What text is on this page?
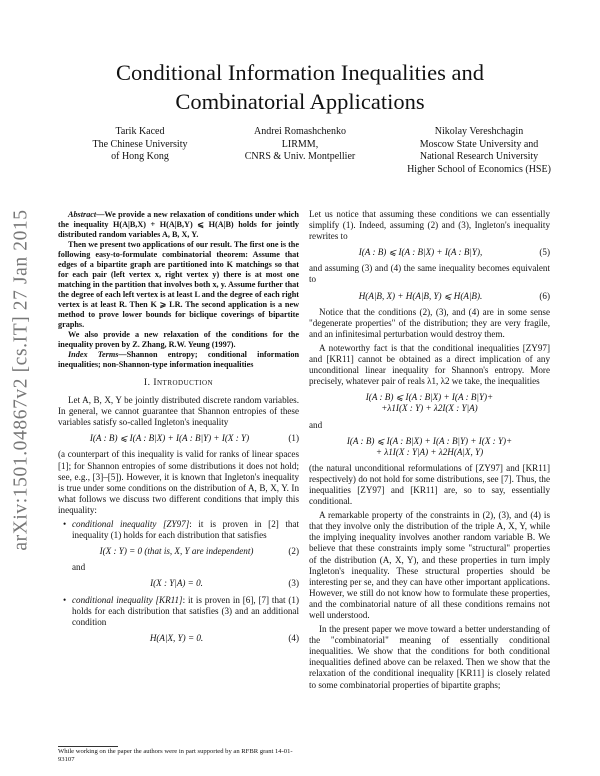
arXiv:1501.04867v2 [cs.IT] 27 Jan 2015
Conditional Information Inequalities and
Combinatorial Applications
Tarik Kaced
The Chinese University
of Hong Kong
Andrei Romashchenko
LIRMM,
CNRS & Univ. Montpellier
Nikolay Vereshchagin
Moscow State University and
National Research University
Higher School of Economics (HSE)

Abstract—We provide a new relaxation of conditions under which the inequality H(A|B,X) + H(A|B,Y) ⩽ H(A|B) holds for jointly distributed random variables A, B, X, Y.

Then we present two applications of our result. The first one is the following easy-to-formulate combinatorial theorem: Assume that edges of a bipartite graph are partitioned into K matchings so that for each pair (left vertex x, right vertex y) there is at most one matching in the partition that involves both x, y. Assume further that the degree of each left vertex is at least L and the degree of each right vertex is at least R. Then K ⩾ LR. The second application is a new method to prove lower bounds for biclique coverings of bipartite graphs.

We also provide a new relaxation of the conditions for the inequality proven by Z. Zhang, R.W. Yeung (1997).

Index Terms—Shannon entropy; conditional information inequalities; non-Shannon-type information inequalities

I. Introduction

Let A, B, X, Y be jointly distributed discrete random variables. In general, we cannot guarantee that Shannon entropies of these variables satisfy so-called Ingleton's inequality

I(A : B) ⩽ I(A : B|X) + I(A : B|Y) + I(X : Y)	(1)

(a counterpart of this inequality is valid for ranks of linear spaces [1]; for Shannon entropies of some distributions it does not hold; see, e.g., [3]–[5]). However, it is known that Ingleton's inequality is true under some conditions on the distribution of A, B, X, Y. In what follows we discuss two different conditions that imply this inequality:

• conditional inequality [ZY97]: it is proven in [2] that inequality (1) holds for each distribution that satisfies
I(X : Y) = 0 (that is, X, Y are independent)	(2)
and
I(X : Y|A) = 0.	(3)
• conditional inequality [KR11]: it is proven in [6], [7] that (1) holds for each distribution that satisfies (3) and an additional condition
H(A|X, Y) = 0.	(4)
While working on the paper the authors were in part supported by an RFBR grant 14-01-93107

Let us notice that assuming these conditions we can essentially simplify (1). Indeed, assuming (2) and (3), Ingleton's inequality rewrites to

I(A : B) ⩽ I(A : B|X) + I(A : B|Y),	(5)

and assuming (3) and (4) the same inequality becomes equivalent to

H(A|B, X) + H(A|B, Y) ⩽ H(A|B).	(6)

Notice that the conditions (2), (3), and (4) are in some sense "degenerate properties" of the distribution; they are very fragile, and an infinitesimal perturbation would destroy them.

A noteworthy fact is that the conditional inequalities [ZY97] and [KR11] cannot be obtained as a direct implication of any unconditional linear inequality for Shannon's entropy. More precisely, whatever pair of reals λ1, λ2 we take, the inequalities

I(A : B) ⩽ I(A : B|X) + I(A : B|Y)+
+λ1I(X : Y) + λ2I(X : Y|A)

and

I(A : B) ⩽ I(A : B|X) + I(A : B|Y) + I(X : Y)+
+ λ1I(X : Y|A) + λ2H(A|X, Y)

(the natural unconditional reformulations of [ZY97] and [KR11] respectively) do not hold for some distributions, see [7]. Thus, the inequalities [ZY97] and [KR11] are, so to say, essentially conditional.

A remarkable property of the constraints in (2), (3), and (4) is that they involve only the distribution of the triple A, X, Y, while the implying inequality involves another random variable B. We believe that these constraints imply some "structural" properties of the distribution (A, X, Y), and these properties in turn imply Ingleton's inequality. These structural properties should be interesting per se, and they can have other important applications. However, we still do not know how to formulate these properties, and the combinatorial nature of all these conditions remains not well understood.

In the present paper we move toward a better understanding of the "combinatorial" meaning of essentially conditional inequalities. We show that the conditions for both conditional inequalities defined above can be relaxed. Then we show that the relaxation of the conditional inequality [KR11] is closely related to some combinatorial properties of bipartite graphs;
